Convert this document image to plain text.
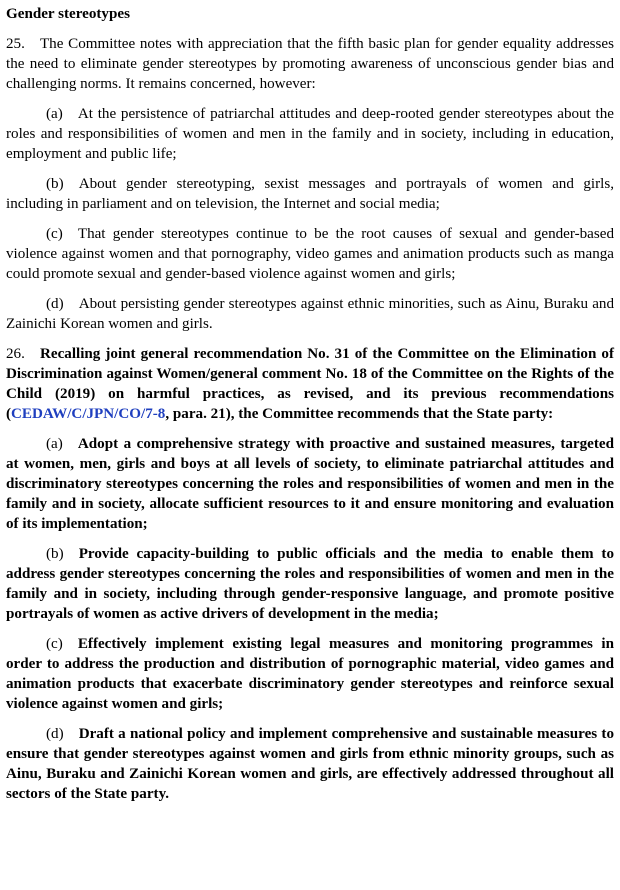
Gender stereotypes

25. The Committee notes with appreciation that the fifth basic plan for gender equality addresses the need to eliminate gender stereotypes by promoting awareness of unconscious gender bias and challenging norms. It remains concerned, however:

(a) At the persistence of patriarchal attitudes and deep-rooted gender stereotypes about the roles and responsibilities of women and men in the family and in society, including in education, employment and public life;

(b) About gender stereotyping, sexist messages and portrayals of women and girls, including in parliament and on television, the Internet and social media;

(c) That gender stereotypes continue to be the root causes of sexual and gender-based violence against women and that pornography, video games and animation products such as manga could promote sexual and gender-based violence against women and girls;

(d) About persisting gender stereotypes against ethnic minorities, such as Ainu, Buraku and Zainichi Korean women and girls.

26. Recalling joint general recommendation No. 31 of the Committee on the Elimination of Discrimination against Women/general comment No. 18 of the Committee on the Rights of the Child (2019) on harmful practices, as revised, and its previous recommendations (CEDAW/C/JPN/CO/7-8, para. 21), the Committee recommends that the State party:

(a) Adopt a comprehensive strategy with proactive and sustained measures, targeted at women, men, girls and boys at all levels of society, to eliminate patriarchal attitudes and discriminatory stereotypes concerning the roles and responsibilities of women and men in the family and in society, allocate sufficient resources to it and ensure monitoring and evaluation of its implementation;

(b) Provide capacity-building to public officials and the media to enable them to address gender stereotypes concerning the roles and responsibilities of women and men in the family and in society, including through gender-responsive language, and promote positive portrayals of women as active drivers of development in the media;

(c) Effectively implement existing legal measures and monitoring programmes in order to address the production and distribution of pornographic material, video games and animation products that exacerbate discriminatory gender stereotypes and reinforce sexual violence against women and girls;

(d) Draft a national policy and implement comprehensive and sustainable measures to ensure that gender stereotypes against women and girls from ethnic minority groups, such as Ainu, Buraku and Zainichi Korean women and girls, are effectively addressed throughout all sectors of the State party.
